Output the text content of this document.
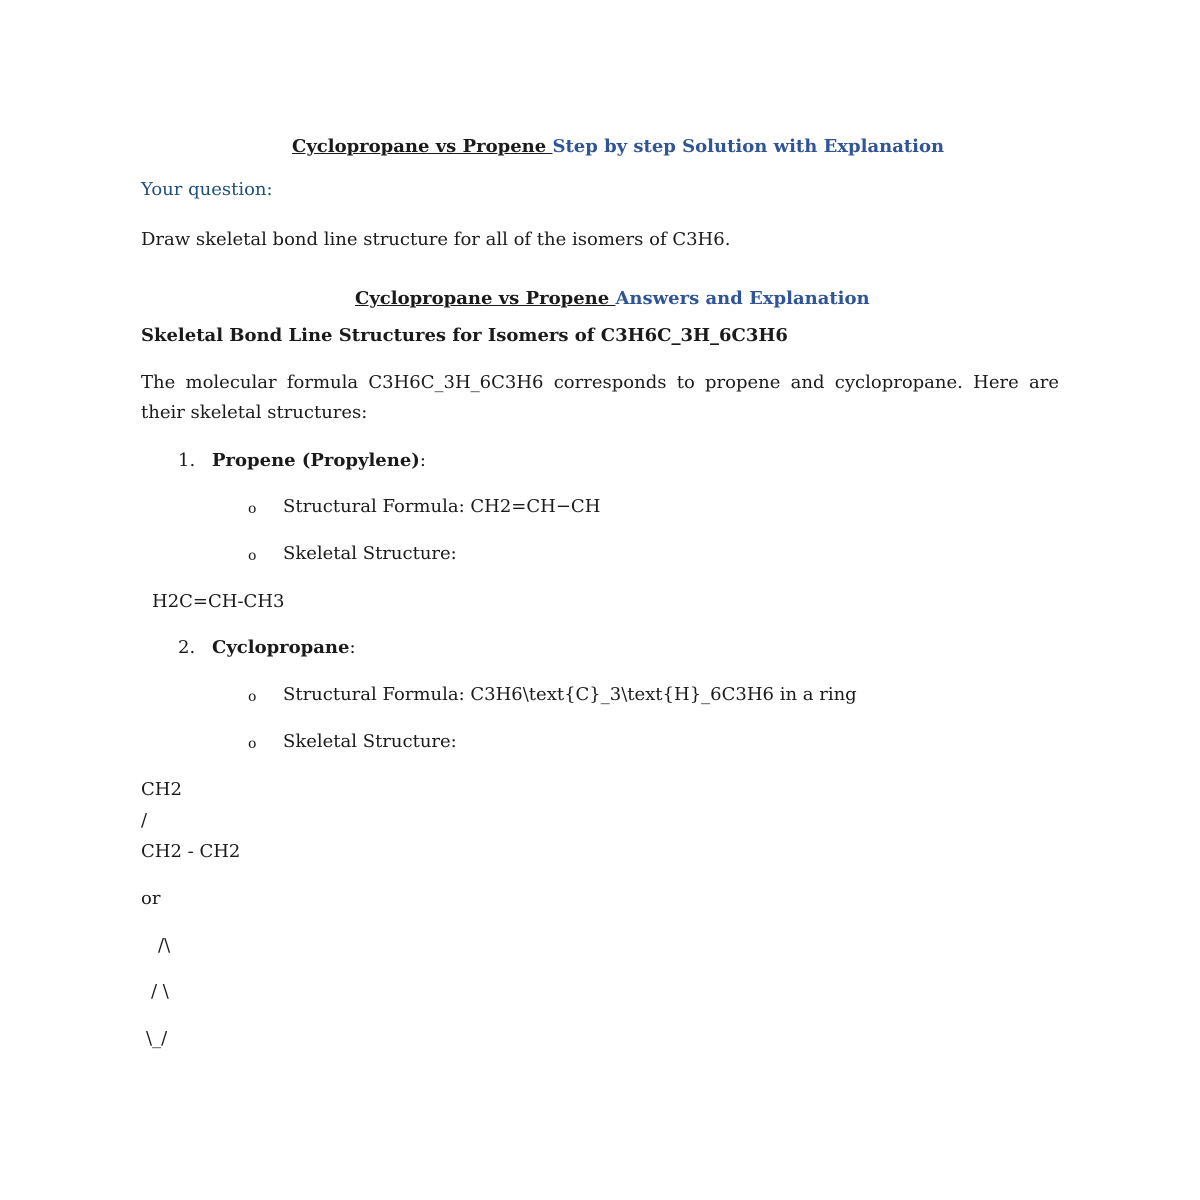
Cyclopropane vs Propene Step by step Solution with Explanation
Your question:
Draw skeletal bond line structure for all of the isomers of C3H6.
Cyclopropane vs Propene Answers and Explanation
Skeletal Bond Line Structures for Isomers of C3H6C_3H_6C3H6
The molecular formula C3H6C_3H_6C3H6 corresponds to propene and cyclopropane. Here are their skeletal structures:
1. Propene (Propylene):
o Structural Formula: CH2=CH−CH
o Skeletal Structure:
H2C=CH-CH3
2. Cyclopropane:
o Structural Formula: C3H6\text{C}_3\text{H}_6C3H6 in a ring
o Skeletal Structure:
CH2
/
CH2 - CH2
or
/\
/ \
\_/
